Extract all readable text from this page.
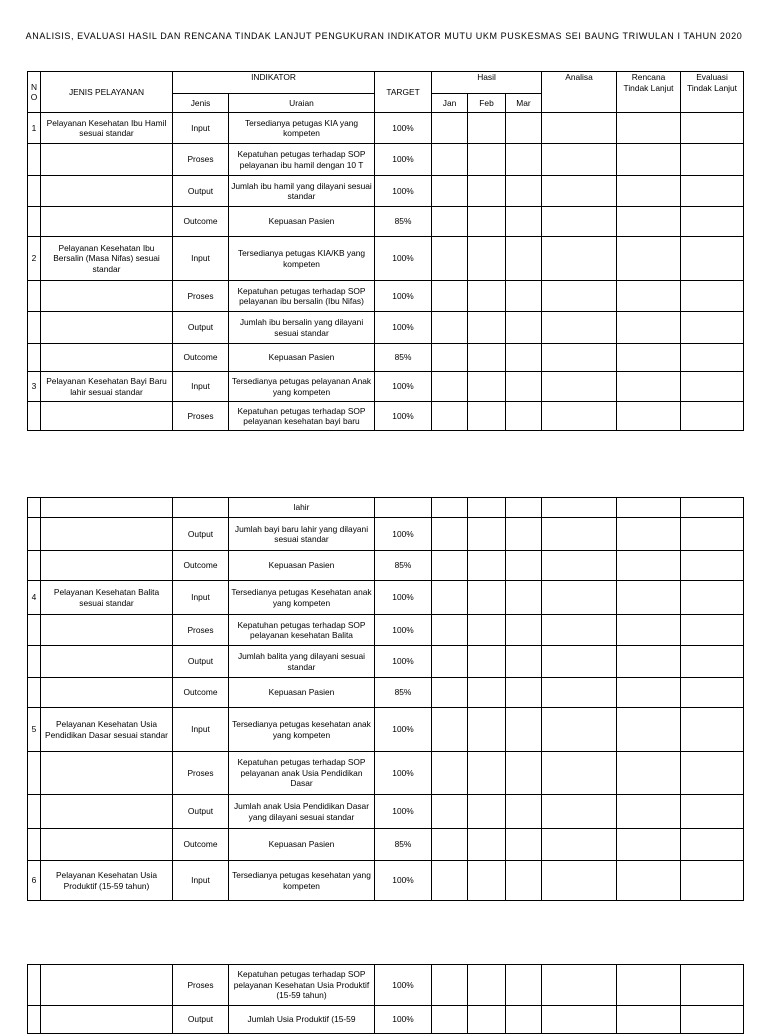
ANALISIS, EVALUASI HASIL DAN RENCANA TINDAK LANJUT PENGUKURAN INDIKATOR MUTU UKM PUSKESMAS SEI BAUNG TRIWULAN I TAHUN 2020
N O	JENIS PELAYANAN	INDIKATOR		TARGET	Hasil			Analisa	Rencana Tindak Lanjut	Evaluasi Tindak Lanjut
		Jenis	Uraian		Jan	Feb	Mar			
1	Pelayanan Kesehatan Ibu Hamil sesuai standar	Input	Tersedianya petugas KIA yang kompeten	100%						
		Proses	Kepatuhan petugas terhadap SOP pelayanan ibu hamil dengan 10 T	100%						
		Output	Jumlah ibu hamil yang dilayani sesuai standar	100%						
		Outcome	Kepuasan Pasien	85%						
2	Pelayanan Kesehatan Ibu Bersalin (Masa Nifas) sesuai standar	Input	Tersedianya petugas KIA/KB yang kompeten	100%						
		Proses	Kepatuhan petugas terhadap SOP pelayanan ibu bersalin (Ibu Nifas)	100%						
		Output	Jumlah ibu bersalin yang dilayani sesuai standar	100%						
		Outcome	Kepuasan Pasien	85%						
3	Pelayanan Kesehatan Bayi Baru lahir sesuai standar	Input	Tersedianya petugas pelayanan Anak yang kompeten	100%						
		Proses	Kepatuhan petugas terhadap SOP pelayanan kesehatan bayi baru	100%						
			lahir							
		Output	Jumlah bayi baru lahir yang dilayani sesuai standar	100%						
		Outcome	Kepuasan Pasien	85%						
4	Pelayanan Kesehatan Balita sesuai standar	Input	Tersedianya petugas Kesehatan anak yang kompeten	100%						
		Proses	Kepatuhan petugas terhadap SOP pelayanan kesehatan Balita	100%						
		Output	Jumlah balita yang dilayani sesuai standar	100%						
		Outcome	Kepuasan Pasien	85%						
5	Pelayanan Kesehatan Usia Pendidikan Dasar sesuai standar	Input	Tersedianya petugas kesehatan anak yang kompeten	100%						
		Proses	Kepatuhan petugas terhadap SOP pelayanan anak Usia Pendidikan Dasar	100%						
		Output	Jumlah anak Usia Pendidikan Dasar yang dilayani sesuai standar	100%						
		Outcome	Kepuasan Pasien	85%						
6	Pelayanan Kesehatan Usia Produktif (15-59 tahun)	Input	Tersedianya petugas kesehatan yang kompeten	100%						
		Proses	Kepatuhan petugas terhadap SOP pelayanan Kesehatan Usia Produktif (15-59 tahun)	100%						
		Output	Jumlah Usia Produktif (15-59	100%						
